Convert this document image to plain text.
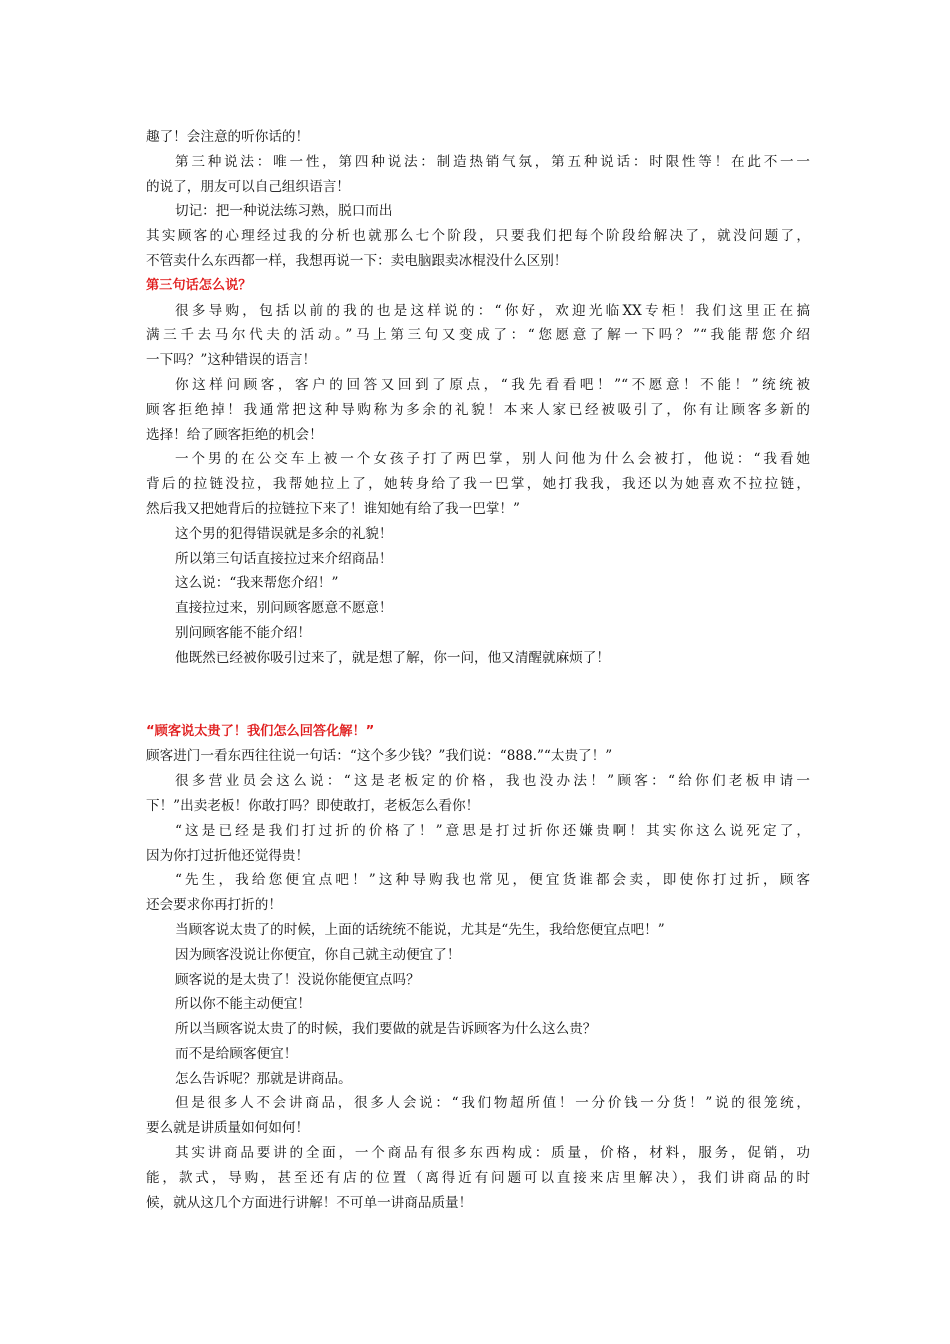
趣了！会注意的听你话的！
第三种说法：唯一性，第四种说法：制造热销气氛，第五种说话：时限性等！在此不一一
的说了，朋友可以自己组织语言！
切记：把一种说法练习熟，脱口而出
其实顾客的心理经过我的分析也就那么七个阶段，只要我们把每个阶段给解决了，就没问题了，
不管卖什么东西都一样，我想再说一下：卖电脑跟卖冰棍没什么区别！
第三句话怎么说？
很多导购，包括以前的我的也是这样说的：“你好，欢迎光临XX专柜！我们这里正在搞
满三千去马尔代夫的活动。”马上第三句又变成了：“您愿意了解一下吗？”“我能帮您介绍
一下吗？”这种错误的语言！
你这样问顾客，客户的回答又回到了原点，“我先看看吧！”“不愿意！不能！”统统被
顾客拒绝掉！我通常把这种导购称为多余的礼貌！本来人家已经被吸引了，你有让顾客多新的
选择！给了顾客拒绝的机会！
一个男的在公交车上被一个女孩子打了两巴掌，别人问他为什么会被打，他说：“我看她
背后的拉链没拉，我帮她拉上了，她转身给了我一巴掌，她打我我，我还以为她喜欢不拉拉链，
然后我又把她背后的拉链拉下来了！谁知她有给了我一巴掌！”
这个男的犯得错误就是多余的礼貌！
所以第三句话直接拉过来介绍商品！
这么说：“我来帮您介绍！”
直接拉过来，别问顾客愿意不愿意！
别问顾客能不能介绍！
他既然已经被你吸引过来了，就是想了解，你一问，他又清醒就麻烦了！
“顾客说太贵了！我们怎么回答化解！”
顾客进门一看东西往往说一句话：“这个多少钱？”我们说：“888.”“太贵了！”
很多营业员会这么说：“这是老板定的价格，我也没办法！”顾客：“给你们老板申请一
下！”出卖老板！你敢打吗？即使敢打，老板怎么看你！
“这是已经是我们打过折的价格了！”意思是打过折你还嫌贵啊！其实你这么说死定了，
因为你打过折他还觉得贵！
“先生，我给您便宜点吧！”这种导购我也常见，便宜货谁都会卖，即使你打过折，顾客
还会要求你再打折的！
当顾客说太贵了的时候，上面的话统统不能说，尤其是“先生，我给您便宜点吧！”
因为顾客没说让你便宜，你自己就主动便宜了！
顾客说的是太贵了！没说你能便宜点吗？
所以你不能主动便宜！
所以当顾客说太贵了的时候，我们要做的就是告诉顾客为什么这么贵？
而不是给顾客便宜！
怎么告诉呢？那就是讲商品。
但是很多人不会讲商品，很多人会说：“我们物超所值！一分价钱一分货！”说的很笼统，
要么就是讲质量如何如何！
其实讲商品要讲的全面，一个商品有很多东西构成：质量，价格，材料，服务，促销，功
能，款式，导购，甚至还有店的位置（离得近有问题可以直接来店里解决），我们讲商品的时
候，就从这几个方面进行讲解！不可单一讲商品质量！
